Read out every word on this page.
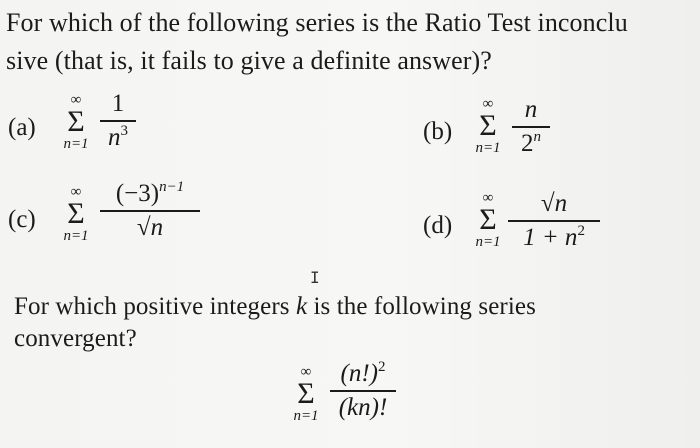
For which of the following series is the Ratio Test inconclu
sive (that is, it fails to give a definite answer)?
(a)
∞
Σ
n=1
1
$n^3$	(b)
∞
Σ
n=1
n
2$^n$
(c)
∞
Σ
n=1
$(-3)^{n-1}$
√n	(d)
∞
Σ
n=1
√n
$1 + n^2$
I
For which positive integers k is the following series
convergent?
∞
Σ
n=1
$(n!)^2$
(kn)!
